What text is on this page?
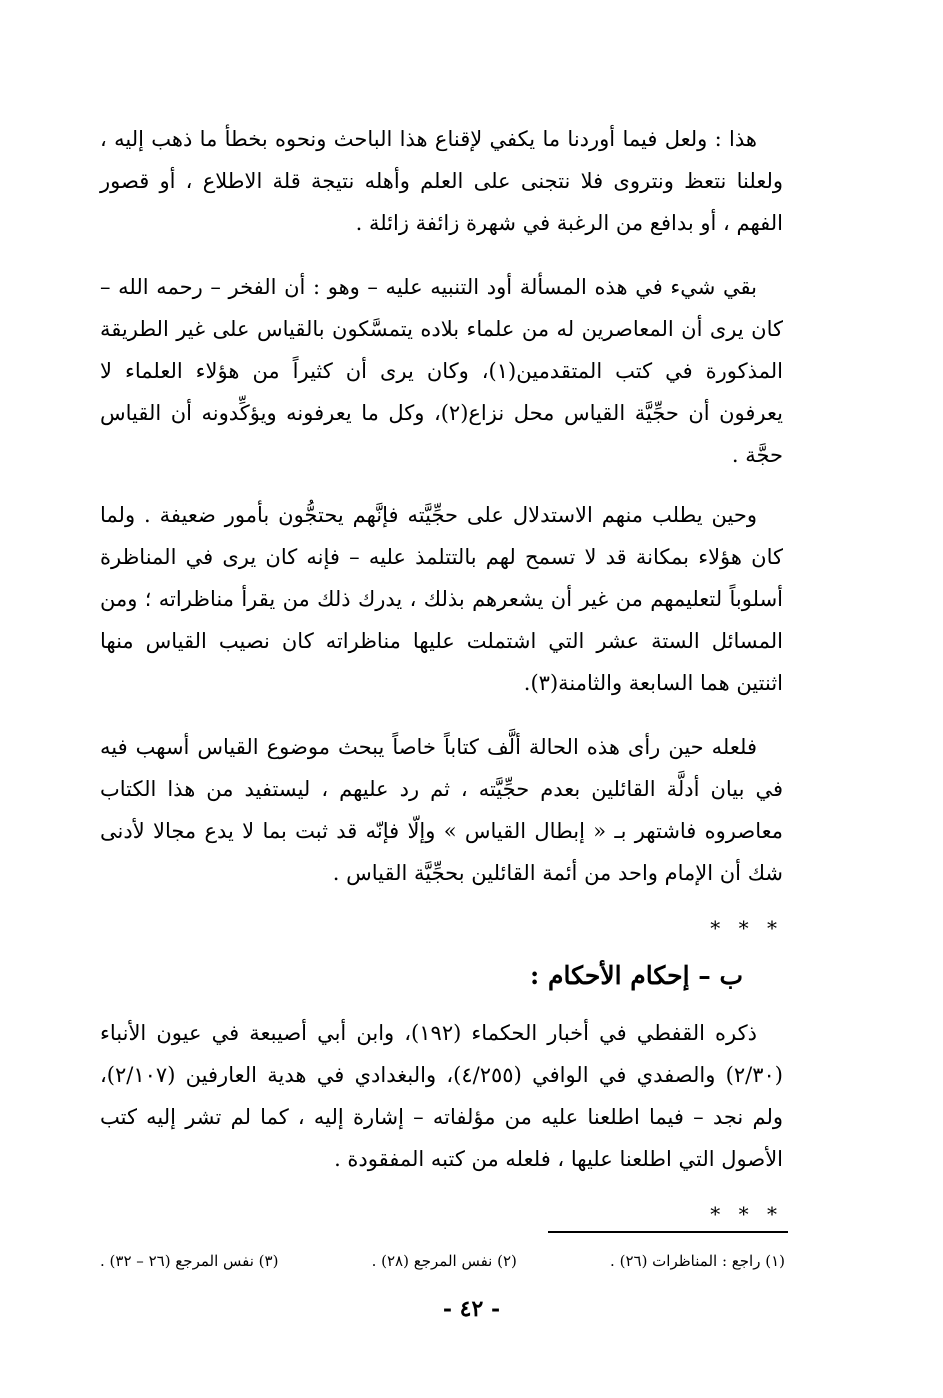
هذا : ولعل فيما أوردنا ما يكفي لإقناع هذا الباحث ونحوه بخطأ ما ذهب إليه ، ولعلنا نتعظ ونتروى فلا نتجنى على العلم وأهله نتيجة قلة الاطلاع ، أو قصور الفهم ، أو بدافع من الرغبة في شهرة زائفة زائلة .

بقي شيء في هذه المسألة أود التنبيه عليه – وهو : أن الفخر – رحمه الله – كان يرى أن المعاصرين له من علماء بلاده يتمسَّكون بالقياس على غير الطريقة المذكورة في كتب المتقدمين(١)، وكان يرى أن كثيراً من هؤلاء العلماء لا يعرفون أن حجِّيَّة القياس محل نزاع(٢)، وكل ما يعرفونه ويؤكِّدونه أن القياس حجَّة .

وحين يطلب منهم الاستدلال على حجِّيَّته فإنَّهم يحتجُّون بأمور ضعيفة . ولما كان هؤلاء بمكانة قد لا تسمح لهم بالتتلمذ عليه – فإنه كان يرى في المناظرة أسلوباً لتعليمهم من غير أن يشعرهم بذلك ، يدرك ذلك من يقرأ مناظراته ؛ ومن المسائل الستة عشر التي اشتملت عليها مناظراته كان نصيب القياس منها اثنتين هما السابعة والثامنة(٣).

فلعله حين رأى هذه الحالة ألَّف كتاباً خاصاً يبحث موضوع القياس أسهب فيه في بيان أدلَّة القائلين بعدم حجِّيَّته ، ثم رد عليهم ، ليستفيد من هذا الكتاب معاصروه فاشتهر بـ « إبطال القياس » وإلّا فإنّه قد ثبت بما لا يدع مجالا لأدنى شك أن الإمام واحد من أئمة القائلين بحجِّيَّة القياس .

* * *
ب – إحكام الأحكام :

ذكره القفطي في أخبار الحكماء (١٩٢)، وابن أبي أصيبعة في عيون الأنباء (٢/٣٠) والصفدي في الوافي (٤/٢٥٥)، والبغدادي في هدية العارفين (٢/١٠٧)، ولم نجد – فيما اطلعنا عليه من مؤلفاته – إشارة إليه ، كما لم تشر إليه كتب الأصول التي اطلعنا عليها ، فلعله من كتبه المفقودة .

* * *
(١) راجع : المناظرات (٢٦) .
(٢) نفس المرجع (٢٨) .
(٣) نفس المرجع (٢٦ – ٣٢) .
- ٤٢ -
